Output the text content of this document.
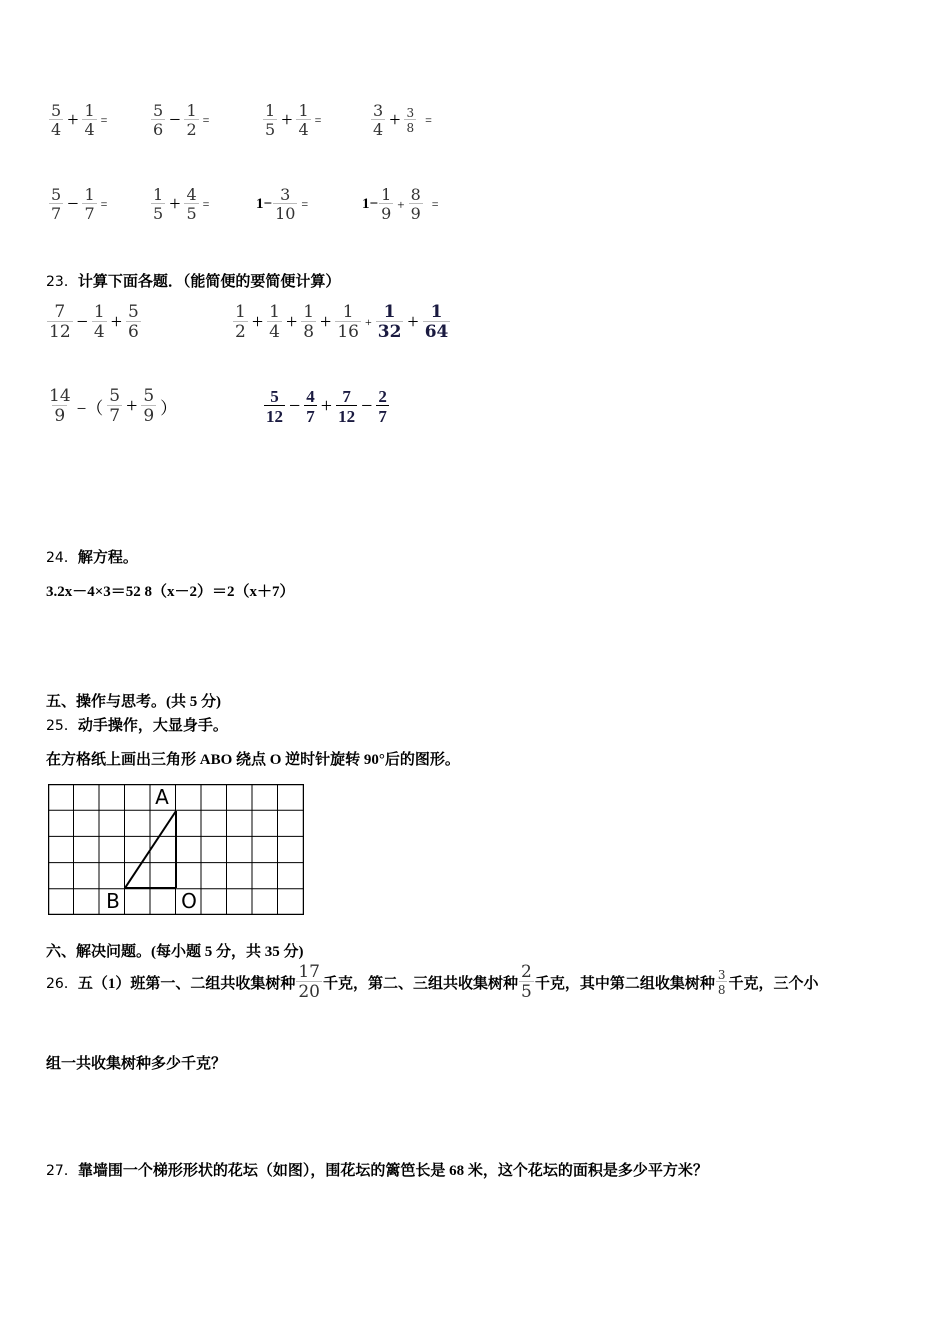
$\frac{5}{4} + \frac{1}{4}$ =	$\frac{5}{6} - \frac{1}{2}$ =	$\frac{1}{5} + \frac{1}{4}$ =	$\frac{3}{4} + \frac{3}{8}$ =
$\frac{5}{7} - \frac{1}{7}$ =	$\frac{1}{5} + \frac{4}{5}$ =	$1- \frac{3}{10}$ =	$1- \frac{1}{9} + \frac{8}{9}$ =
23．计算下面各题．（能简便的要简便计算）
$\frac{7}{12} - \frac{1}{4} + \frac{5}{6}$	$\frac{1}{2} + \frac{1}{4} + \frac{1}{8} + \frac{1}{16} + \frac{1}{32} + \frac{1}{64}$
$\frac{14}{9}$ −（ $\frac{5}{7} + \frac{5}{9}$ ）	$\frac{5}{12} - \frac{4}{7} + \frac{7}{12} - \frac{2}{7}$
24．解方程。
3.2x－4×3＝52 8（x－2）＝2（x＋7）
五、操作与思考。(共 5 分)
25．动手操作，大显身手。
在方格纸上画出三角形 ABO 绕点 O 逆时针旋转 90°后的图形。
A
B	O
六、解决问题。(每小题 5 分，共 35 分)
26． 五（1）班第一、二组共收集树种 $\frac{17}{20}$ 千克，第二、三组共收集树种 $\frac{2}{5}$ 千克，其中第二组收集树种 $\frac{3}{8}$ 千克，三个小
组一共收集树种多少千克？
27．靠墙围一个梯形形状的花坛（如图），围花坛的篱笆长是 68 米，这个花坛的面积是多少平方米？
